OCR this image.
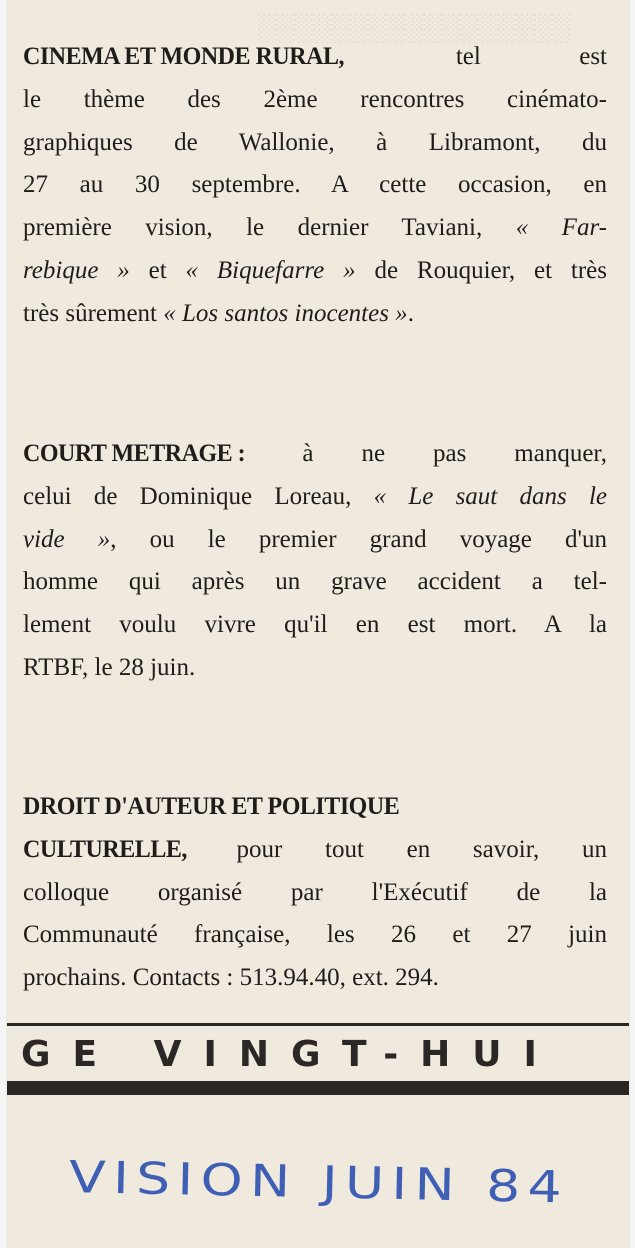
░░░░░░░░░░░░░░░░░
CINEMA ET MONDE RURAL, tel est
le thème des 2ème rencontres cinémato-
graphiques de Wallonie, à Libramont, du
27 au 30 septembre. A cette occasion, en
première vision, le dernier Taviani, « Far-
rebique » et « Biquefarre » de Rouquier, et très
très sûrement « Los santos inocentes ».
COURT METRAGE : à ne pas manquer,
celui de Dominique Loreau, « Le saut dans le
vide », ou le premier grand voyage d'un
homme qui après un grave accident a tel-
lement voulu vivre qu'il en est mort. A la
RTBF, le 28 juin.
DROIT D'AUTEUR ET POLITIQUE
CULTURELLE, pour tout en savoir, un
colloque organisé par l'Exécutif de la
Communauté française, les 26 et 27 juin
prochains. Contacts : 513.94.40, ext. 294.
GE VINGT-HUI
VISION JUIN 84
